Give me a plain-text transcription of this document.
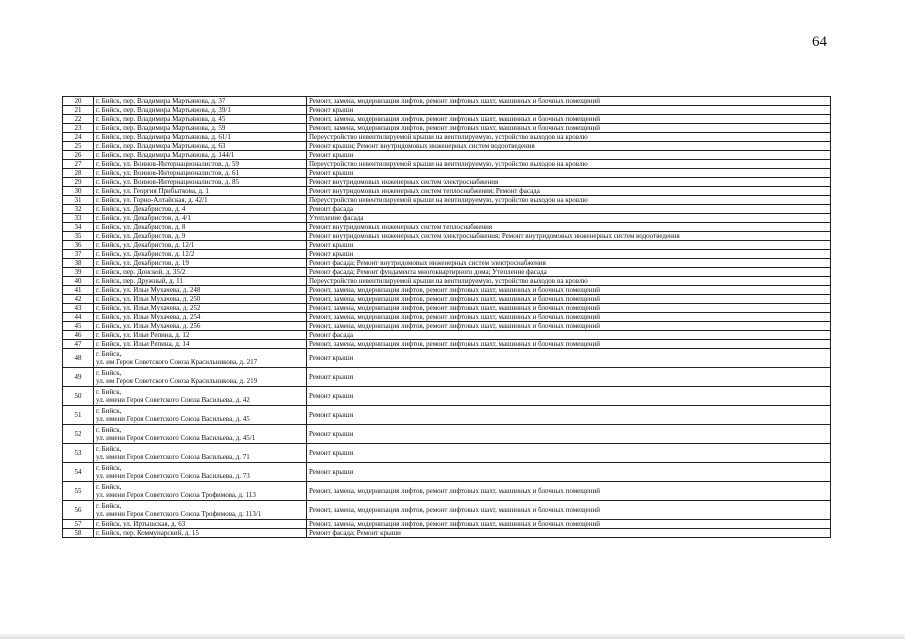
64
20	г. Бийск, пер. Владимира Мартьянова, д. 37	Ремонт, замена, модернизация лифтов, ремонт лифтовых шахт, машинных и блочных помещений
21	г. Бийск, пер. Владимира Мартьянова, д. 39/1	Ремонт крыши
22	г. Бийск, пер. Владимира Мартьянова, д. 45	Ремонт, замена, модернизация лифтов, ремонт лифтовых шахт, машинных и блочных помещений
23	г. Бийск, пер. Владимира Мартьянова, д. 59	Ремонт, замена, модернизация лифтов, ремонт лифтовых шахт, машинных и блочных помещений
24	г. Бийск, пер. Владимира Мартьянова, д. 61/1	Переустройство невентилируемой крыши на вентилируемую, устройство выходов на кровлю
25	г. Бийск, пер. Владимира Мартьянова, д. 63	Ремонт крыши; Ремонт внутридомовых инженерных систем водоотведения
26	г. Бийск, пер. Владимира Мартьянова, д. 144/1	Ремонт крыши
27	г. Бийск, ул. Воинов-Интернационалистов, д. 59	Переустройство невентилируемой крыши на вентилируемую, устройство выходов на кровлю
28	г. Бийск, ул. Воинов-Интернационалистов, д. 61	Ремонт крыши
29	г. Бийск, ул. Воинов-Интернационалистов, д. 85	Ремонт внутридомовых инженерных систем электроснабжения
30	г. Бийск, ул. Георгия Прибыткова, д. 1	Ремонт внутридомовых инженерных систем теплоснабжения; Ремонт фасада
31	г. Бийск, ул. Горно-Алтайская, д. 42/1	Переустройство невентилируемой крыши на вентилируемую, устройство выходов на кровлю
32	г. Бийск, ул. Декабристов, д. 4	Ремонт фасада
33	г. Бийск, ул. Декабристов, д. 4/1	Утепление фасада
34	г. Бийск, ул. Декабристов, д. 8	Ремонт внутридомовых инженерных систем теплоснабжения
35	г. Бийск, ул. Декабристов, д. 9	Ремонт внутридомовых инженерных систем электроснабжения; Ремонт внутридомовых инженерных систем водоотведения
36	г. Бийск, ул. Декабристов, д. 12/1	Ремонт крыши
37	г. Бийск, ул. Декабристов, д. 12/2	Ремонт крыши
38	г. Бийск, ул. Декабристов, д. 19	Ремонт фасада; Ремонт внутридомовых инженерных систем электроснабжения
39	г. Бийск, пер. Донской, д. 35/2	Ремонт фасада; Ремонт фундамента многоквартирного дома; Утепление фасада
40	г. Бийск, пер. Дружный, д. 11	Переустройство невентилируемой крыши на вентилируемую, устройство выходов на кровлю
41	г. Бийск, ул. Ильи Мухачева, д. 248	Ремонт, замена, модернизация лифтов, ремонт лифтовых шахт, машинных и блочных помещений
42	г. Бийск, ул. Ильи Мухачева, д. 250	Ремонт, замена, модернизация лифтов, ремонт лифтовых шахт, машинных и блочных помещений
43	г. Бийск, ул. Ильи Мухачева, д. 252	Ремонт, замена, модернизация лифтов, ремонт лифтовых шахт, машинных и блочных помещений
44	г. Бийск, ул. Ильи Мухачева, д. 254	Ремонт, замена, модернизация лифтов, ремонт лифтовых шахт, машинных и блочных помещений
45	г. Бийск, ул. Ильи Мухачева, д. 256	Ремонт, замена, модернизация лифтов, ремонт лифтовых шахт, машинных и блочных помещений
46	г. Бийск, ул. Ильи Репина, д. 12	Ремонт фасада
47	г. Бийск, ул. Ильи Репина, д. 14	Ремонт, замена, модернизация лифтов, ремонт лифтовых шахт, машинных и блочных помещений
48	г. Бийск,
ул. им Героя Советского Союза Красильникова, д. 217	Ремонт крыши
49	г. Бийск,
ул. им Героя Советского Союза Красильникова, д. 219	Ремонт крыши
50	г. Бийск,
ул. имени Героя Советского Союза Васильева, д. 42	Ремонт крыши
51	г. Бийск,
ул. имени Героя Советского Союза Васильева, д. 45	Ремонт крыши
52	г. Бийск,
ул. имени Героя Советского Союза Васильева, д. 45/1	Ремонт крыши
53	г. Бийск,
ул. имени Героя Советского Союза Васильева, д. 71	Ремонт крыши
54	г. Бийск,
ул. имени Героя Советского Союза Васильева, д. 73	Ремонт крыши
55	г. Бийск,
ул. имени Героя Советского Союза Трофимова, д. 113	Ремонт, замена, модернизация лифтов, ремонт лифтовых шахт, машинных и блочных помещений
56	г. Бийск,
ул. имени Героя Советского Союза Трофимова, д. 113/1	Ремонт, замена, модернизация лифтов, ремонт лифтовых шахт, машинных и блочных помещений
57	г. Бийск, ул. Иртышская, д. 63	Ремонт, замена, модернизация лифтов, ремонт лифтовых шахт, машинных и блочных помещений
58	г. Бийск, пер. Коммунарский, д. 15	Ремонт фасада; Ремонт крыши
